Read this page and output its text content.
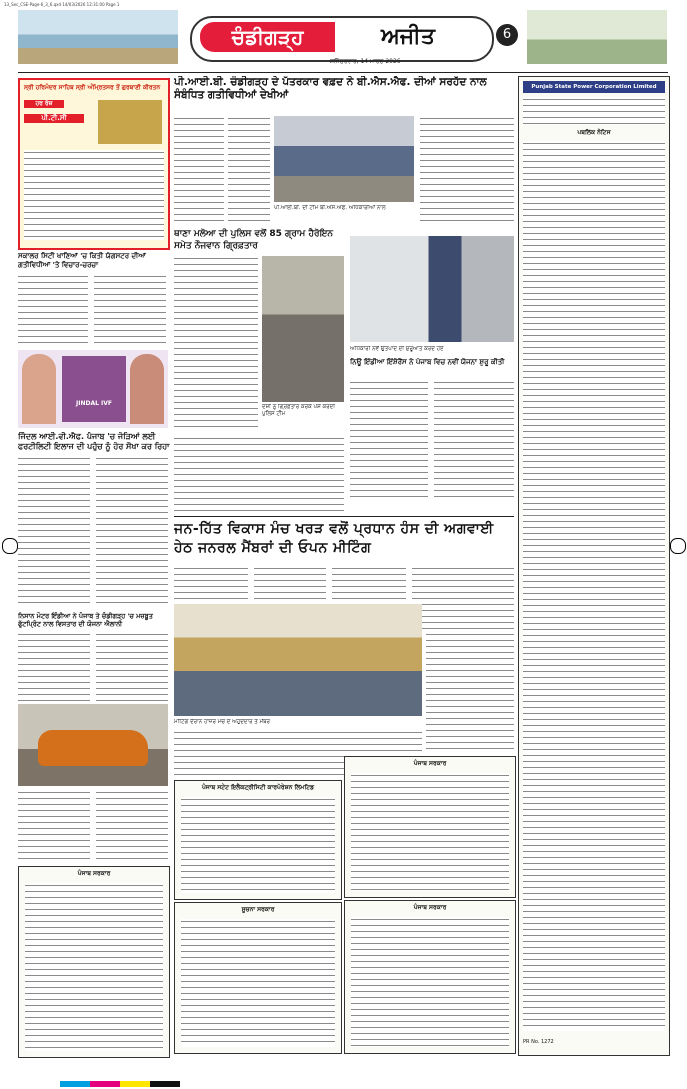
13_Sec_CSE-Page-6_3_6.qxd 14/03/2026 12:31:00 Page 1
ਚੰਡੀਗੜ੍ਹ	ਅਜੀਤ	6
ਸ਼ਨਿੱਚਰਵਾਰ, 14 ਮਾਰਚ 2026
ਸ੍ਰੀ ਹਰਿਮੰਦਰ ਸਾਹਿਬ ਸ੍ਰੀ ਅੰਮ੍ਰਿਤਸਰ ਤੋਂ ਗੁਰਬਾਣੀ ਕੀਰਤਨ
ਹਰ ਰੋਜ਼
ਪੀ.ਟੀ.ਸੀ
ਸਕਾਲਰ ਸਿਟੀ ਖਾਣਿਆਂ 'ਚ ਕਿਤੀ ਯੰਗਸਟਰ ਦੀਆਂ ਗਤੀਵਿਧੀਆਂ 'ਤੇ ਵਿਚਾਰ-ਚਰਚਾ
JINDAL IVF
ਜਿੰਦਲ ਆਈ.ਵੀ.ਐਫ. ਪੰਜਾਬ 'ਚ ਜੋੜਿਆਂ ਲਈ ਫਰਟੀਲਿਟੀ ਇਲਾਜ ਦੀ ਪਹੁੰਚ ਨੂੰ ਹੋਰ ਸੌਖਾ ਕਰ ਰਿਹਾ
ਨਿਸਾਨ ਮੋਟਰ ਇੰਡੀਆ ਨੇ ਪੰਜਾਬ ਤੇ ਚੰਡੀਗੜ੍ਹ 'ਚ ਮਜ਼ਬੂਤ ਫੁੱਟਪ੍ਰਿੰਟ ਨਾਲ ਵਿਸਤਾਰ ਦੀ ਯੋਜਨਾ ਐਲਾਨੀ
ਪੰਜਾਬ ਸਰਕਾਰ
ਪੀ.ਆਈ.ਬੀ. ਚੰਡੀਗੜ੍ਹ ਦੇ ਪੱਤਰਕਾਰ ਵਫ਼ਦ ਨੇ ਬੀ.ਐਸ.ਐਫ. ਦੀਆਂ ਸਰਹੱਦ ਨਾਲ ਸੰਬੰਧਿਤ ਗਤੀਵਿਧੀਆਂ ਦੇਖੀਆਂ
ਪੀ.ਆਈ.ਬੀ. ਦੀ ਟੀਮ ਬੀ.ਐਸ.ਐਫ. ਅਧਿਕਾਰੀਆਂ ਨਾਲ
ਥਾਣਾ ਮਲੋਆ ਦੀ ਪੁਲਿਸ ਵਲੋਂ 85 ਗ੍ਰਾਮ ਹੈਰੋਇਨ ਸਮੇਤ ਨੌਜਵਾਨ ਗ੍ਰਿਫ਼ਤਾਰ
ਦੋਸ਼ੀ ਨੂੰ ਗ੍ਰਿਫ਼ਤਾਰ ਕਰਕੇ ਪੇਸ਼ ਕਰਦੀ ਪੁਲਿਸ ਟੀਮ
ਅਧਿਕਾਰੀ ਨਵੇਂ ਉਤਪਾਦ ਦੀ ਸ਼ੁਰੂਆਤ ਕਰਦੇ ਹੋਏ
ਨਿਊ ਇੰਡੀਆ ਇੰਸ਼ੋਰੈਂਸ ਨੇ ਪੰਜਾਬ ਵਿਚ ਨਵੀਂ ਯੋਜਨਾ ਸ਼ੁਰੂ ਕੀਤੀ
ਜਨ-ਹਿੱਤ ਵਿਕਾਸ ਮੰਚ ਖਰੜ ਵਲੋਂ ਪ੍ਰਧਾਨ ਹੰਸ ਦੀ ਅਗਵਾਈ ਹੇਠ ਜਨਰਲ ਮੈਂਬਰਾਂ ਦੀ ਓਪਨ ਮੀਟਿੰਗ
ਮੀਟਿੰਗ ਦੌਰਾਨ ਹਾਜ਼ਰ ਮੰਚ ਦੇ ਅਹੁਦੇਦਾਰ ਤੇ ਮੈਂਬਰ
ਪੰਜਾਬ ਸਟੇਟ ਇਲੈਕਟ੍ਰੀਸਿਟੀ ਕਾਰਪੋਰੇਸ਼ਨ ਲਿਮਟਿਡ
ਪੰਜਾਬ ਸਰਕਾਰ
ਸੂਚਨਾ ਸਰਕਾਰ	ਪੰਜਾਬ ਸਰਕਾਰ
Punjab State Power Corporation Limited
ਪਬਲਿਕ ਨੋਟਿਸ
PR No. 1272
